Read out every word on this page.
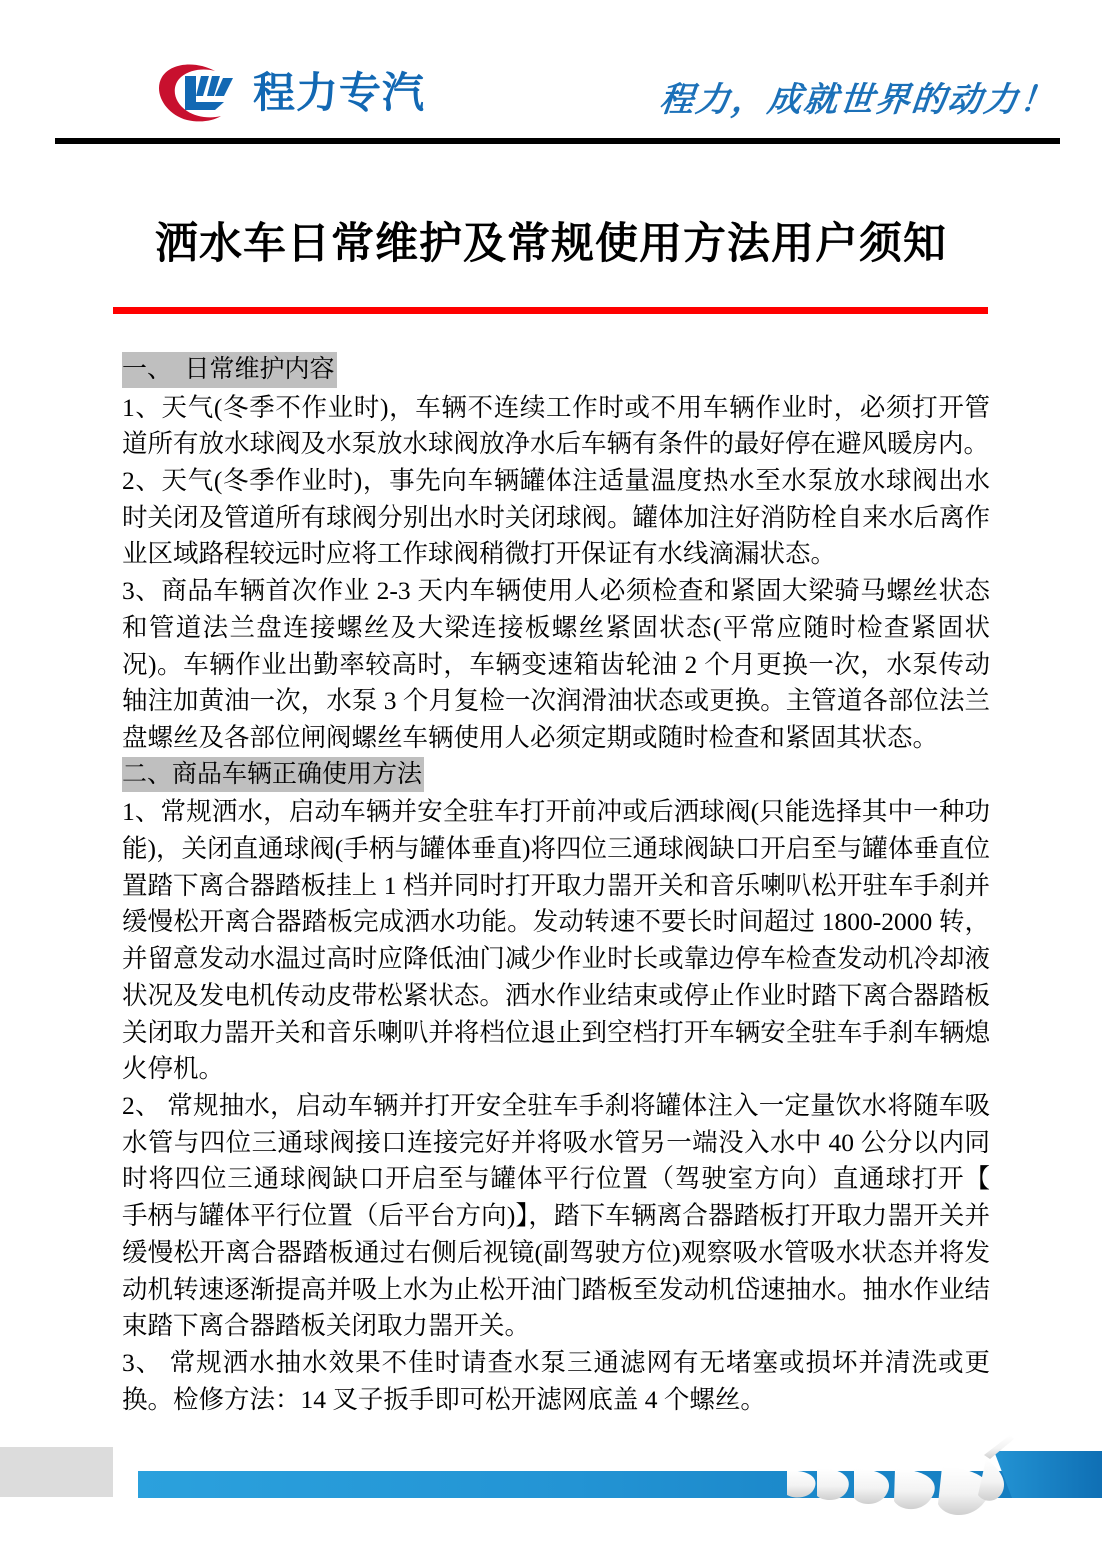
程力专汽	程力，成就世界的动力！
洒水车日常维护及常规使用方法用户须知
一、  日常维护内容

1、天气(冬季不作业时)，车辆不连续工作时或不用车辆作业时，必须打开管道所有放水球阀及水泵放水球阀放净水后车辆有条件的最好停在避风暖房内。

2、天气(冬季作业时)，事先向车辆罐体注适量温度热水至水泵放水球阀出水时关闭及管道所有球阀分别出水时关闭球阀。罐体加注好消防栓自来水后离作业区域路程较远时应将工作球阀稍微打开保证有水线滴漏状态。

3、商品车辆首次作业 2-3 天内车辆使用人必须检查和紧固大梁骑马螺丝状态和管道法兰盘连接螺丝及大梁连接板螺丝紧固状态(平常应随时检查紧固状况)。车辆作业出勤率较高时，车辆变速箱齿轮油 2 个月更换一次，水泵传动轴注加黄油一次，水泵 3 个月复检一次润滑油状态或更换。主管道各部位法兰盘螺丝及各部位闸阀螺丝车辆使用人必须定期或随时检查和紧固其状态。

二、商品车辆正确使用方法

1、常规洒水，启动车辆并安全驻车打开前冲或后洒球阀(只能选择其中一种功能)，关闭直通球阀(手柄与罐体垂直)将四位三通球阀缺口开启至与罐体垂直位置踏下离合器踏板挂上 1 档并同时打开取力噐开关和音乐喇叭松开驻车手刹并缓慢松开离合器踏板完成洒水功能。发动转速不要长时间超过 1800-2000 转，并留意发动水温过高时应降低油门减少作业时长或靠边停车检查发动机冷却液状况及发电机传动皮带松紧状态。洒水作业结束或停止作业时踏下离合器踏板关闭取力噐开关和音乐喇叭并将档位退止到空档打开车辆安全驻车手刹车辆熄火停机。

2、 常规抽水，启动车辆并打开安全驻车手刹将罐体注入一定量饮水将随车吸水管与四位三通球阀接口连接完好并将吸水管另一端没入水中 40 公分以内同时将四位三通球阀缺口开启至与罐体平行位置（驾驶室方向）直通球打开【 手柄与罐体平行位置（后平台方向)】，踏下车辆离合器踏板打开取力噐开关并缓慢松开离合器踏板通过右侧后视镜(副驾驶方位)观察吸水管吸水状态并将发动机转速逐渐提高并吸上水为止松开油门踏板至发动机岱速抽水。抽水作业结束踏下离合器踏板关闭取力噐开关。

3、 常规洒水抽水效果不佳时请查水泵三通滤网有无堵塞或损坏并清洗或更换。检修方法：14 叉子扳手即可松开滤网底盖 4 个螺丝。
